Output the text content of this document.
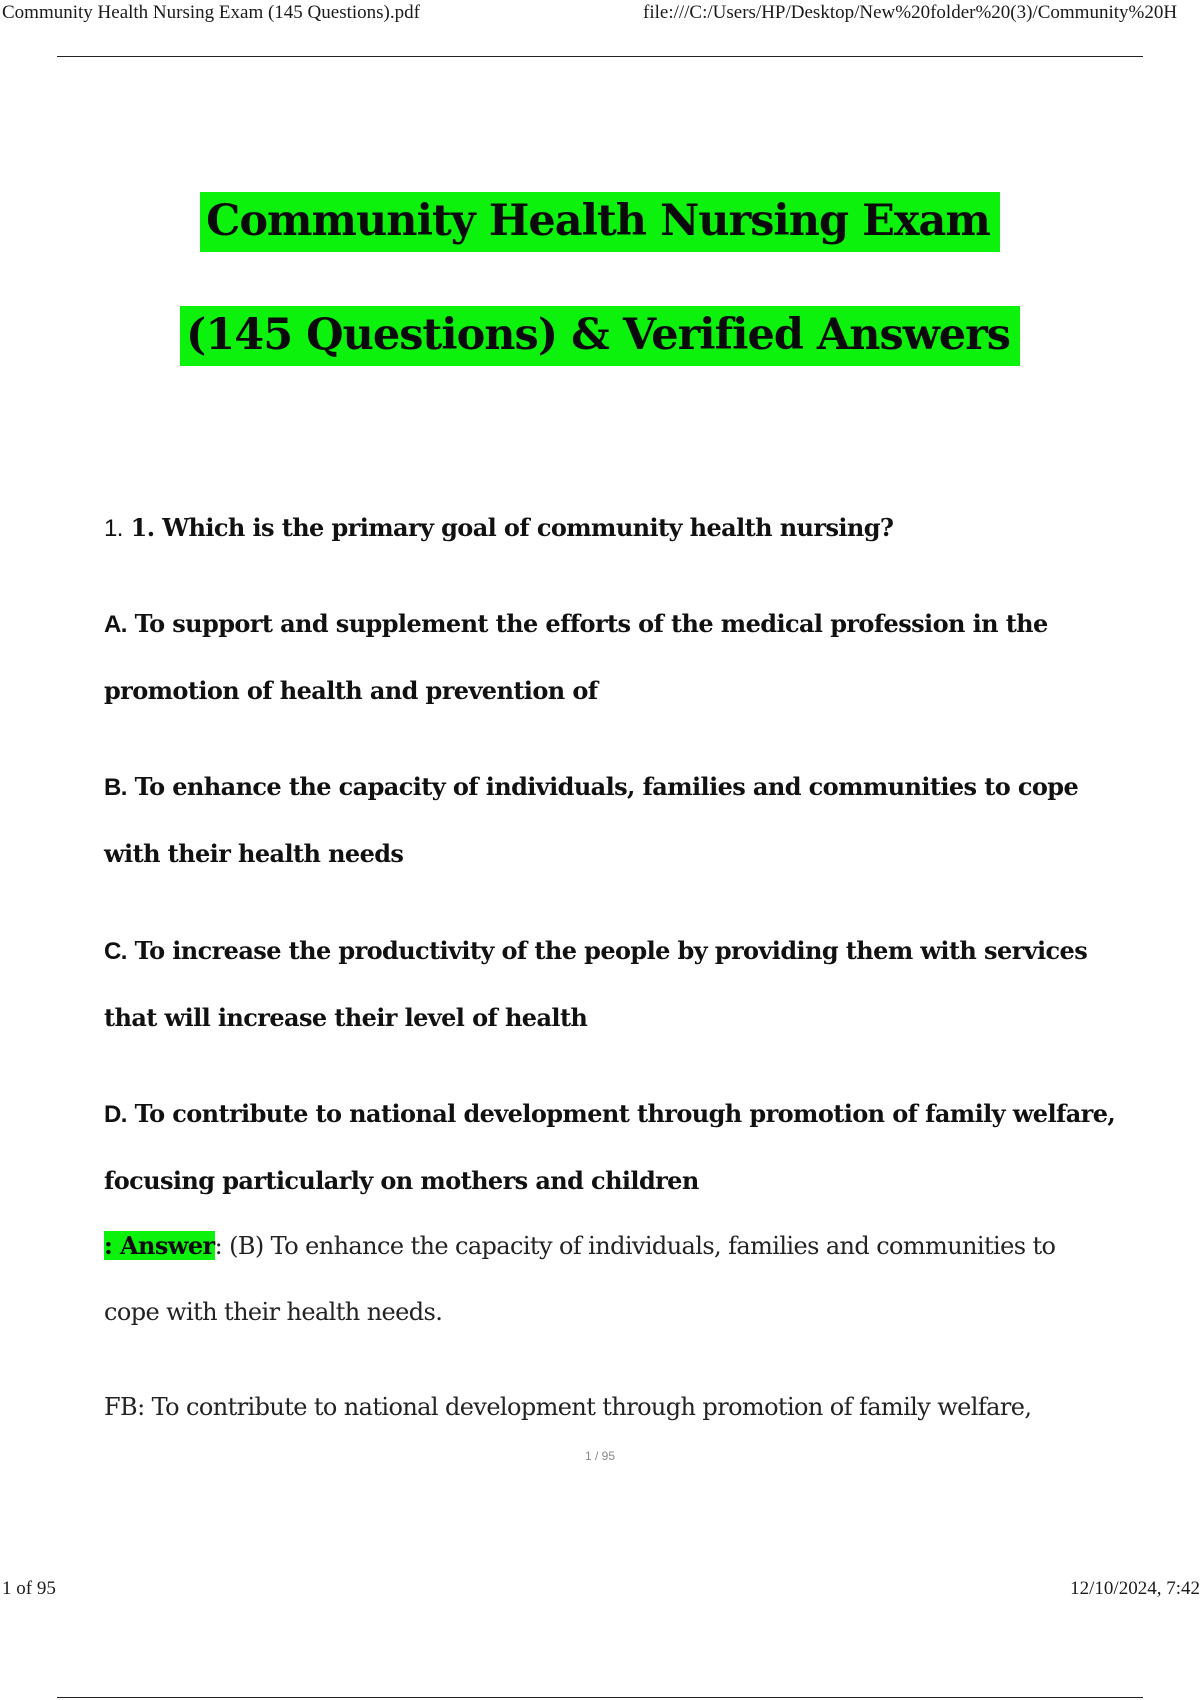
Community Health Nursing Exam (145 Questions).pdf	file:///C:/Users/HP/Desktop/New%20folder%20(3)/Community%20H
Community Health Nursing Exam
(145 Questions) & Verified Answers
1. 1. Which is the primary goal of community health nursing?
A. To support and supplement the efforts of the medical profession in the
promotion of health and prevention of
B. To enhance the capacity of individuals, families and communities to cope
with their health needs
C. To increase the productivity of the people by providing them with services
that will increase their level of health
D. To contribute to national development through promotion of family welfare,
focusing particularly on mothers and children
: Answer: (B) To enhance the capacity of individuals, families and communities to
cope with their health needs.
FB: To contribute to national development through promotion of family welfare,
1 / 95
1 of 95	12/10/2024, 7:42
